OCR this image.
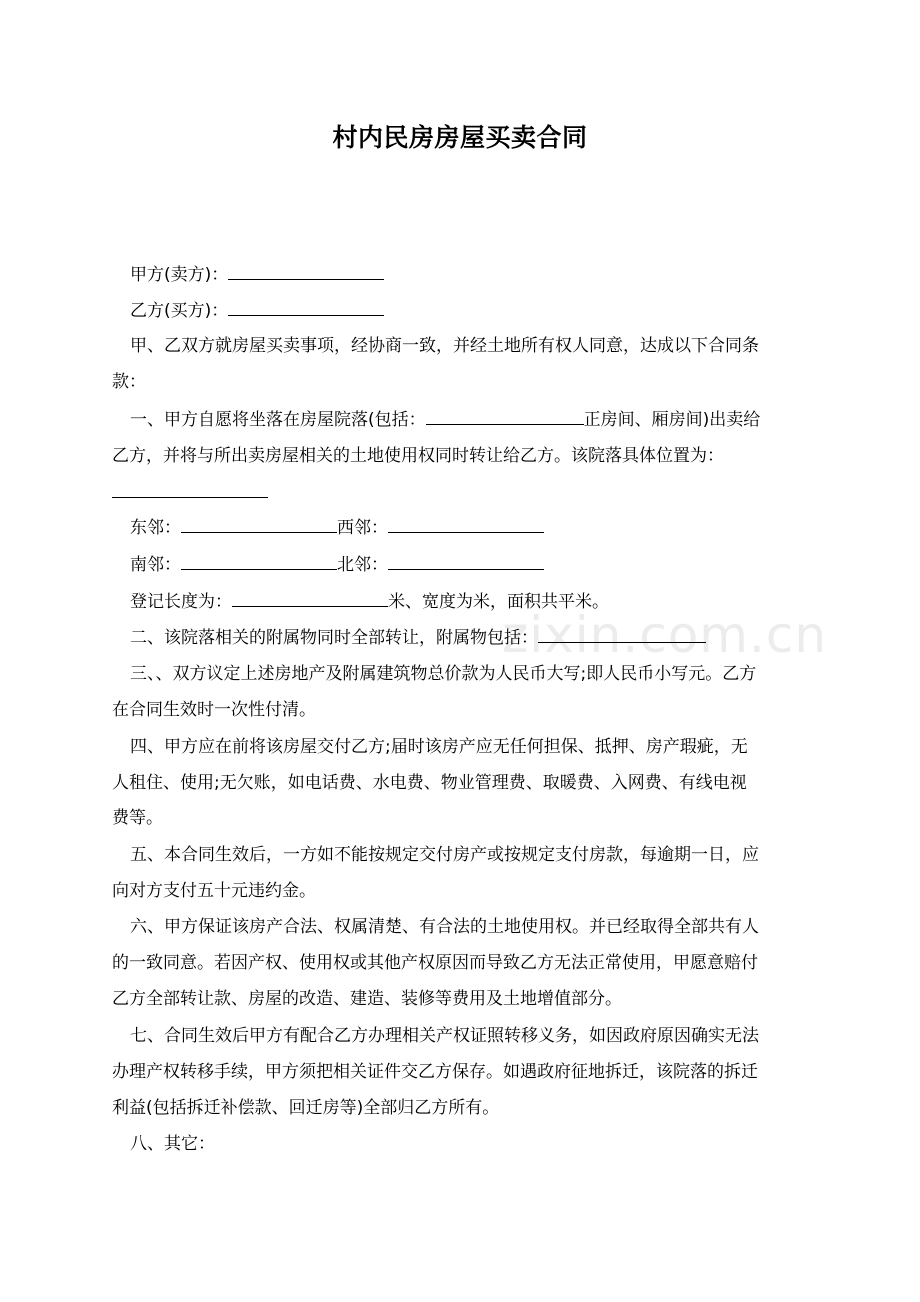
zixin.com.cn
村内民房房屋买卖合同
甲方(卖方)：
乙方(买方)：
甲、乙双方就房屋买卖事项，经协商一致，并经土地所有权人同意，达成以下合同条
款：
一、甲方自愿将坐落在房屋院落(包括：	正房间、厢房间)出卖给
乙方，并将与所出卖房屋相关的土地使用权同时转让给乙方。该院落具体位置为：
东邻：	西邻：
南邻：	北邻：
登记长度为：	米、宽度为米，面积共平米。
二、该院落相关的附属物同时全部转让，附属物包括：
三、、双方议定上述房地产及附属建筑物总价款为人民币大写;即人民币小写元。乙方
在合同生效时一次性付清。
四、甲方应在前将该房屋交付乙方;届时该房产应无任何担保、抵押、房产瑕疵，无
人租住、使用;无欠账，如电话费、水电费、物业管理费、取暖费、入网费、有线电视
费等。
五、本合同生效后，一方如不能按规定交付房产或按规定支付房款，每逾期一日，应
向对方支付五十元违约金。
六、甲方保证该房产合法、权属清楚、有合法的土地使用权。并已经取得全部共有人
的一致同意。若因产权、使用权或其他产权原因而导致乙方无法正常使用，甲愿意赔付
乙方全部转让款、房屋的改造、建造、装修等费用及土地增值部分。
七、合同生效后甲方有配合乙方办理相关产权证照转移义务，如因政府原因确实无法
办理产权转移手续，甲方须把相关证件交乙方保存。如遇政府征地拆迁，该院落的拆迁
利益(包括拆迁补偿款、回迁房等)全部归乙方所有。
八、其它：
